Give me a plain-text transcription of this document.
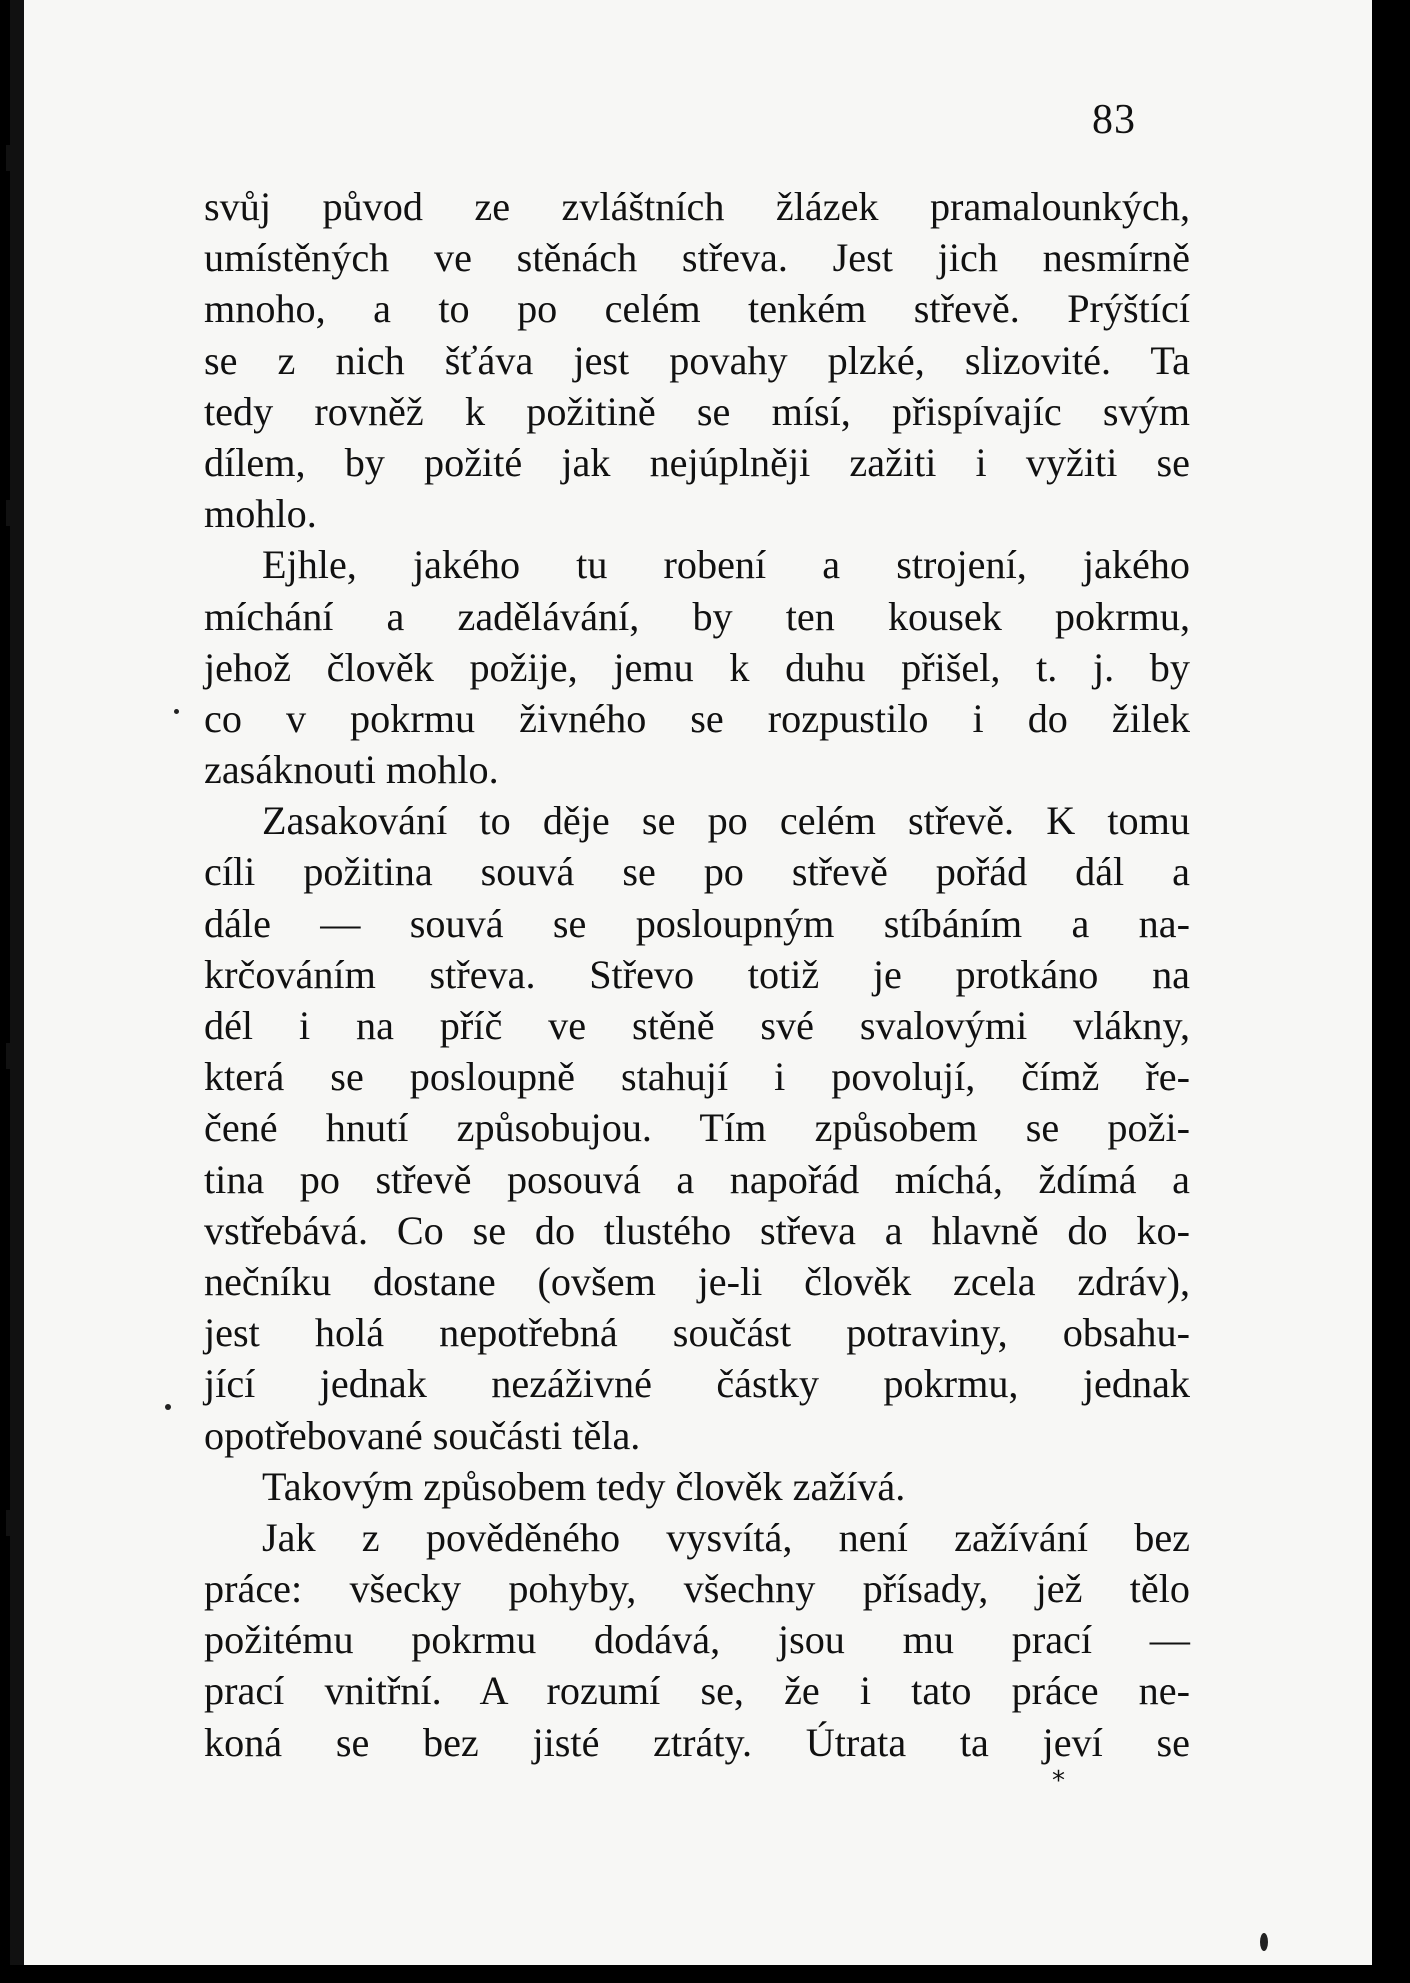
83
svůj původ ze zvláštních žlázek pramalounkých,
umístěných ve stěnách střeva. Jest jich nesmírně
mnoho, a to po celém tenkém střevě. Prýštící
se z nich šťáva jest povahy plzké, slizovité. Ta
tedy rovněž k požitině se mísí, přispívajíc svým
dílem, by požité jak nejúplněji zažiti i vyžiti se
mohlo.
Ejhle, jakého tu robení a strojení, jakého
míchání a zadělávání, by ten kousek pokrmu,
jehož člověk požije, jemu k duhu přišel, t. j. by
co v pokrmu živného se rozpustilo i do žilek
zasáknouti mohlo.
Zasakování to děje se po celém střevě. K tomu
cíli požitina souvá se po střevě pořád dál a
dále — souvá se posloupným stíbáním a na-
krčováním střeva. Střevo totiž je protkáno na
dél i na příč ve stěně své svalovými vlákny,
která se posloupně stahují i povolují, čímž ře-
čené hnutí způsobujou. Tím způsobem se poži-
tina po střevě posouvá a napořád míchá, ždímá a
vstřebává. Co se do tlustého střeva a hlavně do ko-
nečníku dostane (ovšem je-li člověk zcela zdráv),
jest holá nepotřebná součást potraviny, obsahu-
jící jednak nezáživné částky pokrmu, jednak
opotřebované součásti těla.
Takovým způsobem tedy člověk zažívá.
Jak z pověděného vysvítá, není zažívání bez
práce: všecky pohyby, všechny přísady, jež tělo
požitému pokrmu dodává, jsou mu prací —
prací vnitřní. A rozumí se, že i tato práce ne-
koná se bez jisté ztráty. Útrata ta jeví se
*
